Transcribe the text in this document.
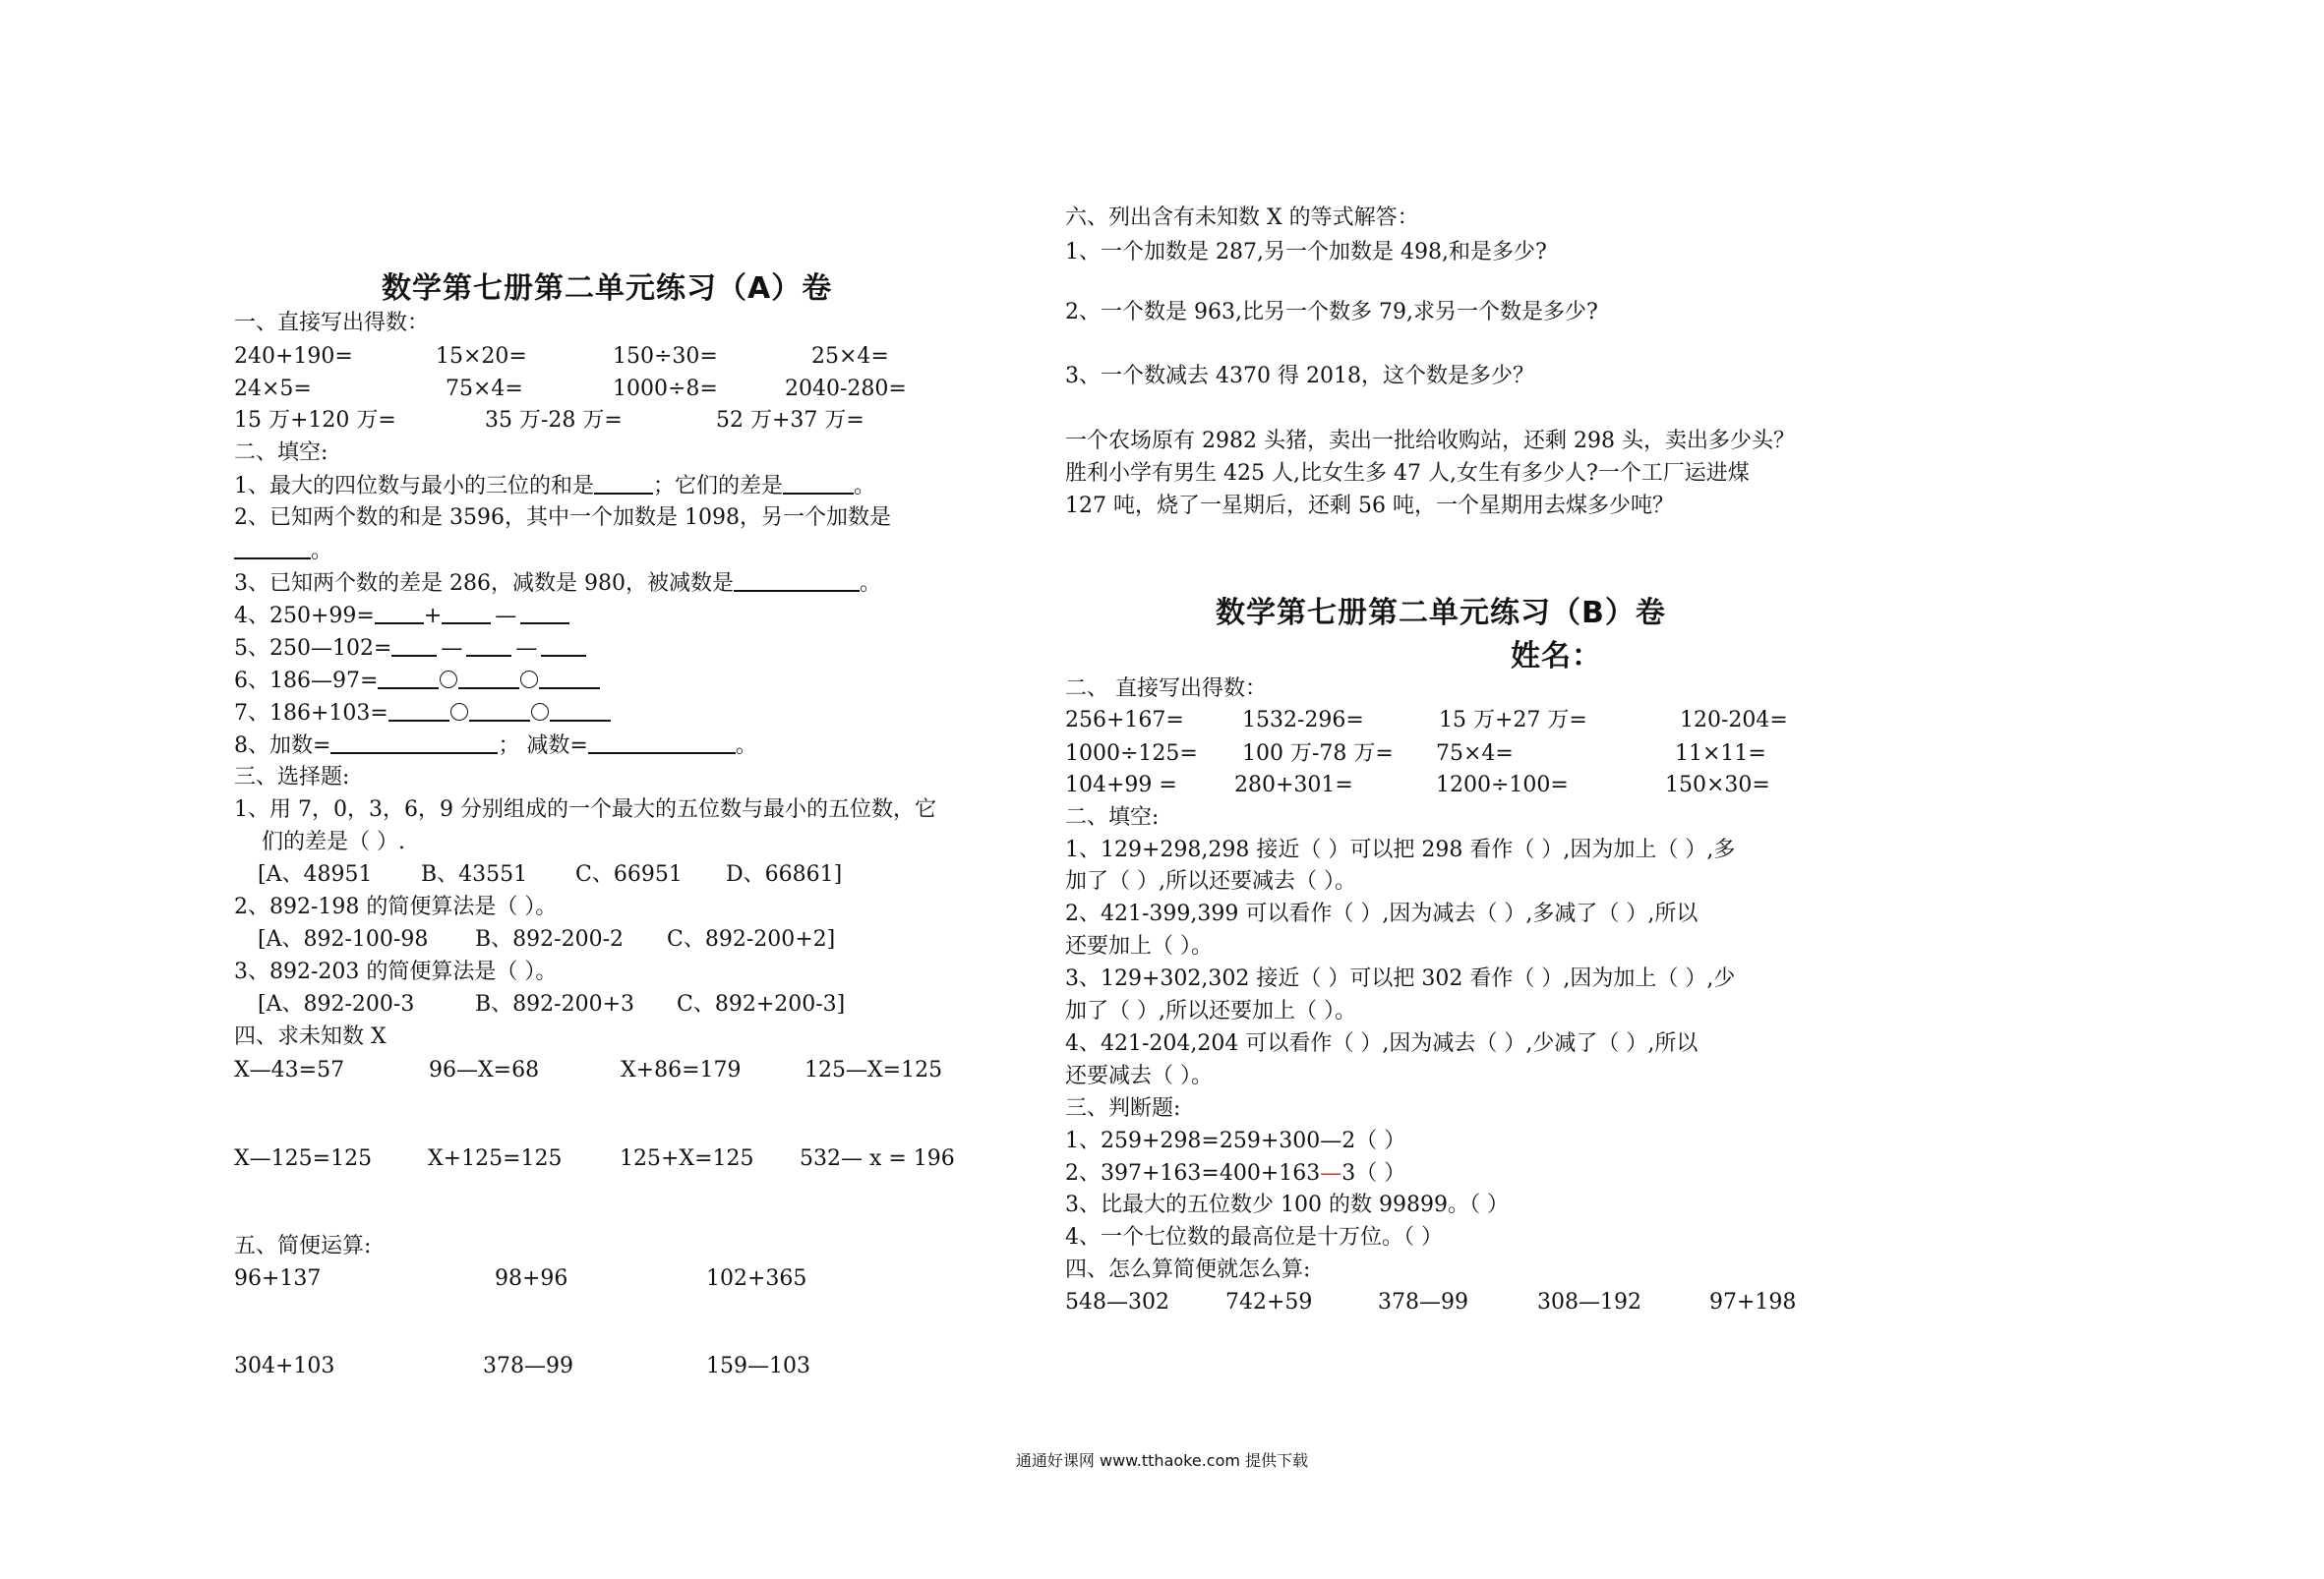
数学第七册第二单元练习（A）卷
一、直接写出得数：
240+190=	15×20=	150÷30=	25×4=
24×5=	75×4=	1000÷8=	2040-280=
15 万+120 万=	35 万-28 万=	52 万+37 万=
二、填空:
1、最大的四位数与最小的三位的和是	；它们的差是	。
2、已知两个数的和是 3596，其中一个加数是 1098，另一个加数是
。
3、已知两个数的差是 286，减数是 980，被减数是	。
4、250+99= + —
5、250—102= — —
6、186—97=
7、186+103=
8、加数=	； 减数=	。
三、选择题:
1、用 7，0，3，6，9 分别组成的一个最大的五位数与最小的五位数，它
们的差是（ ）.
[A、48951 B、43551 C、66951 D、66861]
2、892-198 的简便算法是（ ）。
[A、892-100-98 B、892-200-2 C、892-200+2]
3、892-203 的简便算法是（ ）。
[A、892-200-3	B、892-200+3 C、892+200-3]
四、求未知数 X
X—43=57	96—X=68	X+86=179	125—X=125
X—125=125	X+125=125	125+X=125 532— x = 196
五、简便运算:
96+137	98+96	102+365
304+103	378—99	159—103
六、列出含有未知数 X 的等式解答：
1、一个加数是 287,另一个加数是 498,和是多少?
2、一个数是 963,比另一个数多 79,求另一个数是多少?
3、一个数减去 4370 得 2018，这个数是多少？
一个农场原有 2982 头猪，卖出一批给收购站，还剩 298 头，卖出多少头？
胜利小学有男生 425 人,比女生多 47 人,女生有多少人?一个工厂运进煤
127 吨，烧了一星期后，还剩 56 吨，一个星期用去煤多少吨？
数学第七册第二单元练习（B）卷
姓名：
二、 直接写出得数：
256+167=	1532-296=	15 万+27 万=	120-204=
1000÷125= 100 万-78 万= 75×4=	11×11=
104+99 =	280+301=	1200÷100=	150×30=
二、填空:
1、129+298,298 接近（ ）可以把 298 看作（ ）,因为加上（ ）,多
加了（ ）,所以还要减去（ ）。
2、421-399,399 可以看作（ ）,因为减去（ ）,多减了（ ）,所以
还要加上（ ）。
3、129+302,302 接近（ ）可以把 302 看作（ ）,因为加上（ ）,少
加了（ ）,所以还要加上（ ）。
4、421-204,204 可以看作（ ）,因为减去（ ）,少减了（ ）,所以
还要减去（ ）。
三、判断题:
1、259+298=259+300—2（ ）
2、397+163=400+163—3（ ）
3、比最大的五位数少 100 的数 99899。（ ）
4、一个七位数的最高位是十万位。（ ）
四、怎么算简便就怎么算:
548—302	742+59	378—99	308—192	97+198
通通好课网 www.tthaoke.com 提供下载
